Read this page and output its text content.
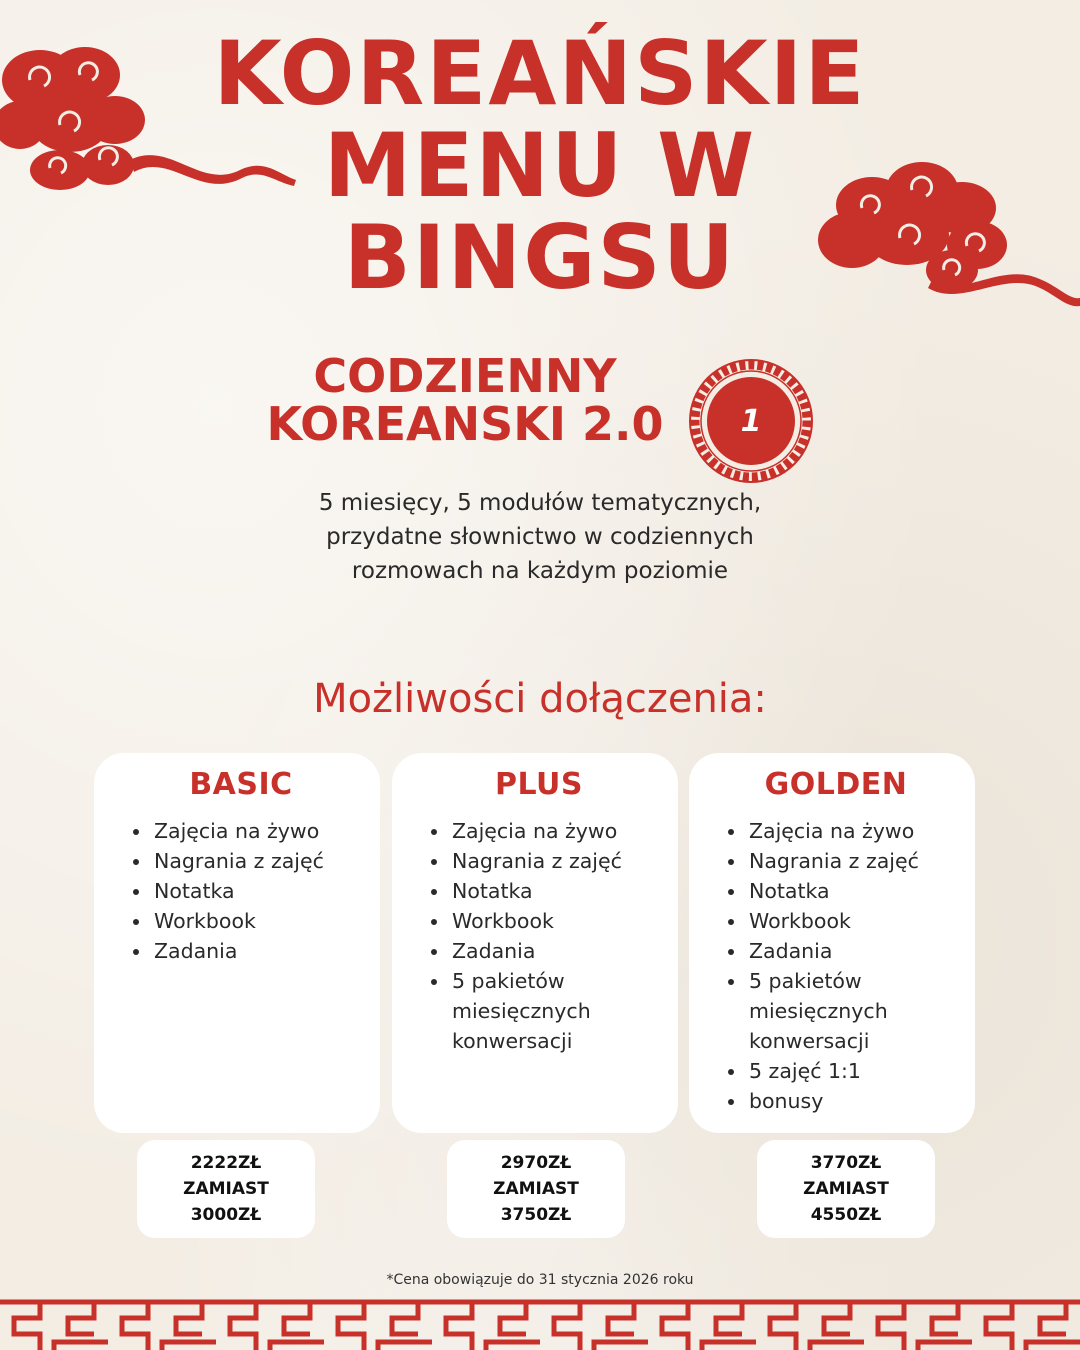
KOREAŃSKIE
MENU W
BINGSU
CODZIENNY
KOREANSKI 2.0	1
5 miesięcy, 5 modułów tematycznych, przydatne słownictwo w codziennych rozmowach na każdym poziomie
Możliwości dołączenia:
BASIC
• Zajęcia na żywo
• Nagrania z zajęć
• Notatka
• Workbook
• Zadania
PLUS
• Zajęcia na żywo
• Nagrania z zajęć
• Notatka
• Workbook
• Zadania
• 5 pakietów miesięcznych konwersacji
GOLDEN
• Zajęcia na żywo
• Nagrania z zajęć
• Notatka
• Workbook
• Zadania
• 5 pakietów miesięcznych konwersacji
• 5 zajęć 1:1
• bonusy
2222ZŁ
ZAMIAST
3000ZŁ
2970ZŁ
ZAMIAST
3750ZŁ
3770ZŁ
ZAMIAST
4550ZŁ
*Cena obowiązuje do 31 stycznia 2026 roku
